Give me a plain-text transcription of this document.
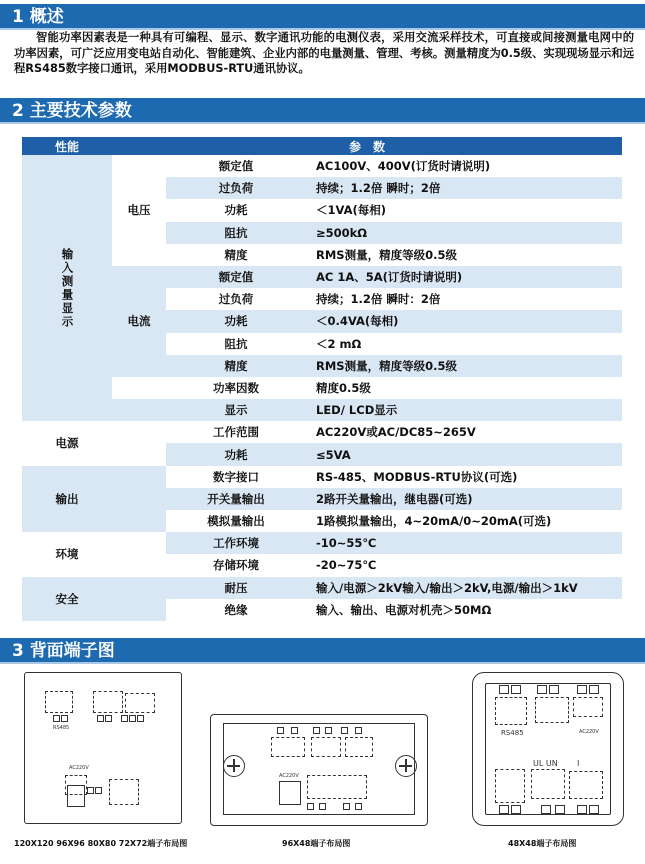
1 概述

智能功率因素表是一种具有可编程、显示、数字通讯功能的电测仪表，采用交流采样技术，可直接或间接测量电网中的功率因素，可广泛应用变电站自动化、智能建筑、企业内部的电量测量、管理、考核。测量精度为0.5级、实现现场显示和远程RS485数字接口通讯，采用MODBUS-RTU通讯协议。

2 主要技术参数
性能	参　数		
输入测量显示	电压	额定值	AC100V、400V(订货时请说明)
		过负荷	持续；1.2倍 瞬时；2倍
		功耗	＜1VA(每相)
		阻抗	≥500kΩ
		精度	RMS测量，精度等级0.5级
	电流	额定值	AC 1A、5A(订货时请说明)
		过负荷	持续；1.2倍 瞬时：2倍
		功耗	＜0.4VA(每相)
		阻抗	＜2 mΩ
		精度	RMS测量，精度等级0.5级
		功率因数	精度0.5级
		显示	LED/ LCD显示
电源		工作范围	AC220V或AC/DC85~265V
		功耗	≤5VA
输出		数字接口	RS-485、MODBUS-RTU协议(可选)
		开关量输出	2路开关量输出，继电器(可选)
		模拟量输出	1路模拟量输出，4~20mA/0~20mA(可选)
环境		工作环境	-10~55℃
		存储环境	-20~75℃
安全		耐压	输入/电源＞2kV输入/输出＞2kV,电源/输出＞1kV
		绝缘	输入、输出、电源对机壳＞50MΩ
3 背面端子图
RS485
AC220V
120X120 96X96 80X80 72X72端子布局图
AC220V
96X48端子布局图
RS485	AC220V
UL UN I
48X48端子布局图
